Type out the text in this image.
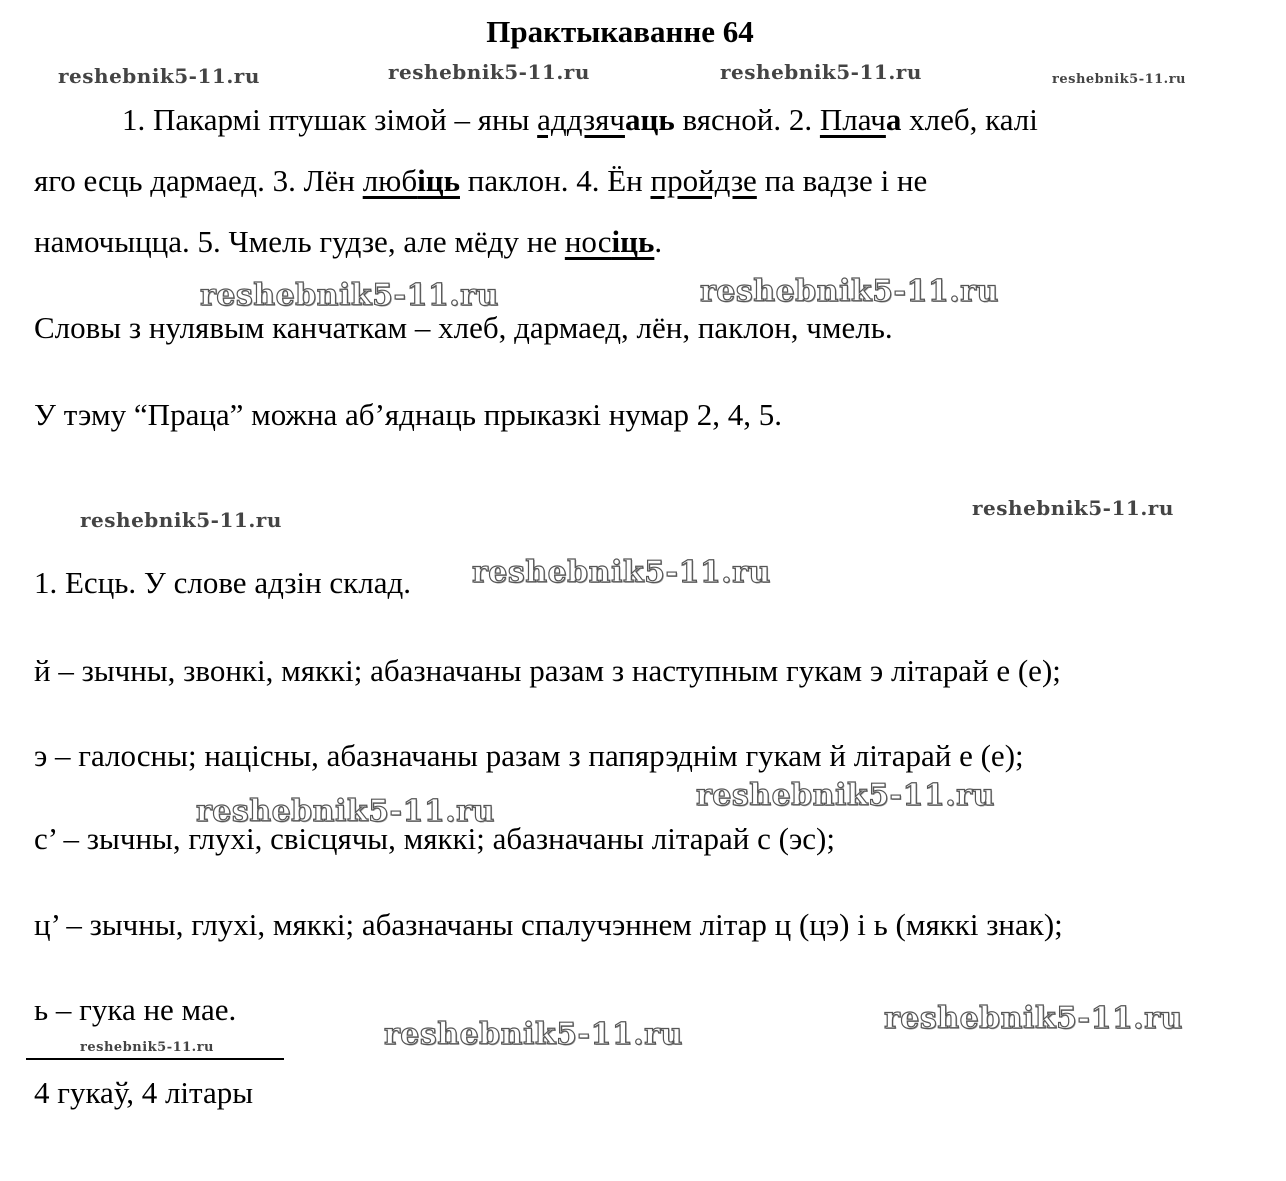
Практыкаванне 64
reshebnik5-11.ru	reshebnik5-11.ru	reshebnik5-11.ru	reshebnik5-11.ru
1. Пакармі птушак зімой – яны аддзячаць вясной. 2. Плача хлеб, калі
яго есць дармаед. 3. Лён любіць паклон. 4. Ён пройдзе па вадзе і не
намочыцца. 5. Чмель гудзе, але мёду не носіць.
reshebnik5-11.ru	reshebnik5-11.ru
Словы з нулявым канчаткам – хлеб, дармаед, лён, паклон, чмель.
У тэму “Праца” можна аб’яднаць прыказкі нумар 2, 4, 5.
reshebnik5-11.ru	reshebnik5-11.ru
1. Есць. У слове адзін склад. reshebnik5-11.ru
й – зычны, звонкі, мяккі; абазначаны разам з наступным гукам э літарай е (е);
э – галосны; націсны, абазначаны разам з папярэднім гукам й літарай е (е);
reshebnik5-11.ru	reshebnik5-11.ru
с’ – зычны, глухі, свісцячы, мяккі; абазначаны літарай с (эс);
ц’ – зычны, глухі, мяккі; абазначаны спалучэннем літар ц (цэ) і ь (мяккі знак);
ь – гука не мае.
reshebnik5-11.ru	reshebnik5-11.ru
reshebnik5-11.ru
4 гукаў, 4 літары
